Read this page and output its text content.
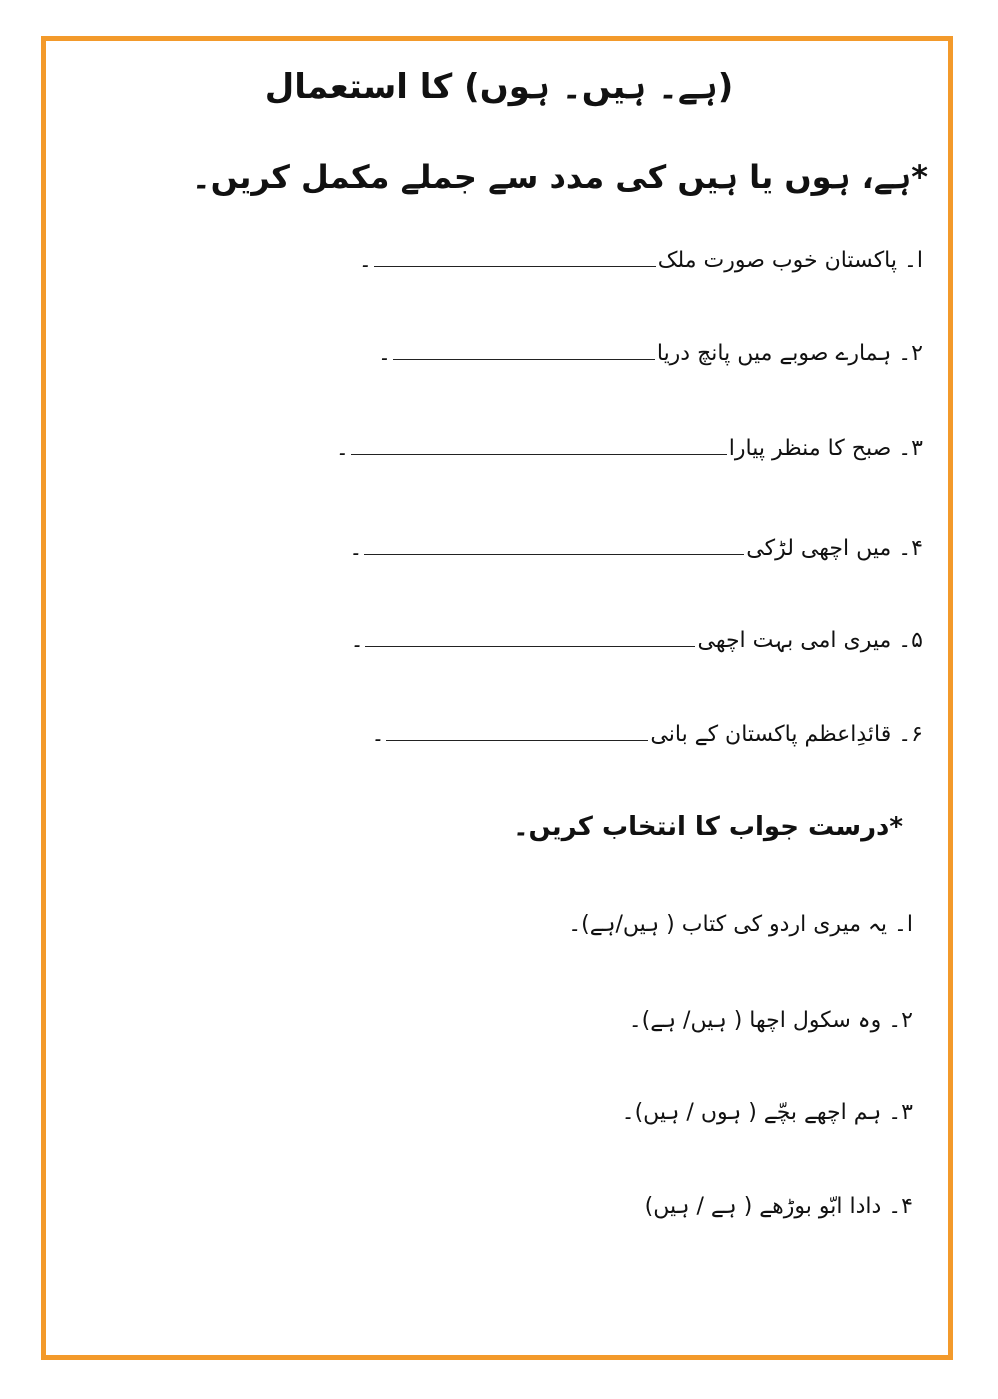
(ہے۔ ہیں۔ ہوں) کا استعمال
*ہے، ہوں یا ہیں کی مدد سے جملے مکمل کریں۔
ا۔ پاکستان خوب صورت ملک۔
۲۔ ہمارے صوبے میں پانچ دریا۔
۳۔ صبح کا منظر پیارا۔
۴۔ میں اچھی لڑکی۔
۵۔ میری امی بہت اچھی۔
۶۔ قائدِاعظم پاکستان کے بانی۔
*درست جواب کا انتخاب کریں۔
ا۔ یہ میری اردو کی کتاب ( ہیں/ہے)۔
۲۔ وہ سکول اچھا ( ہیں/ ہے)۔
۳۔ ہم اچھے بچّے ( ہوں / ہیں)۔
۴۔ دادا ابّو بوڑھے ( ہے / ہیں)
